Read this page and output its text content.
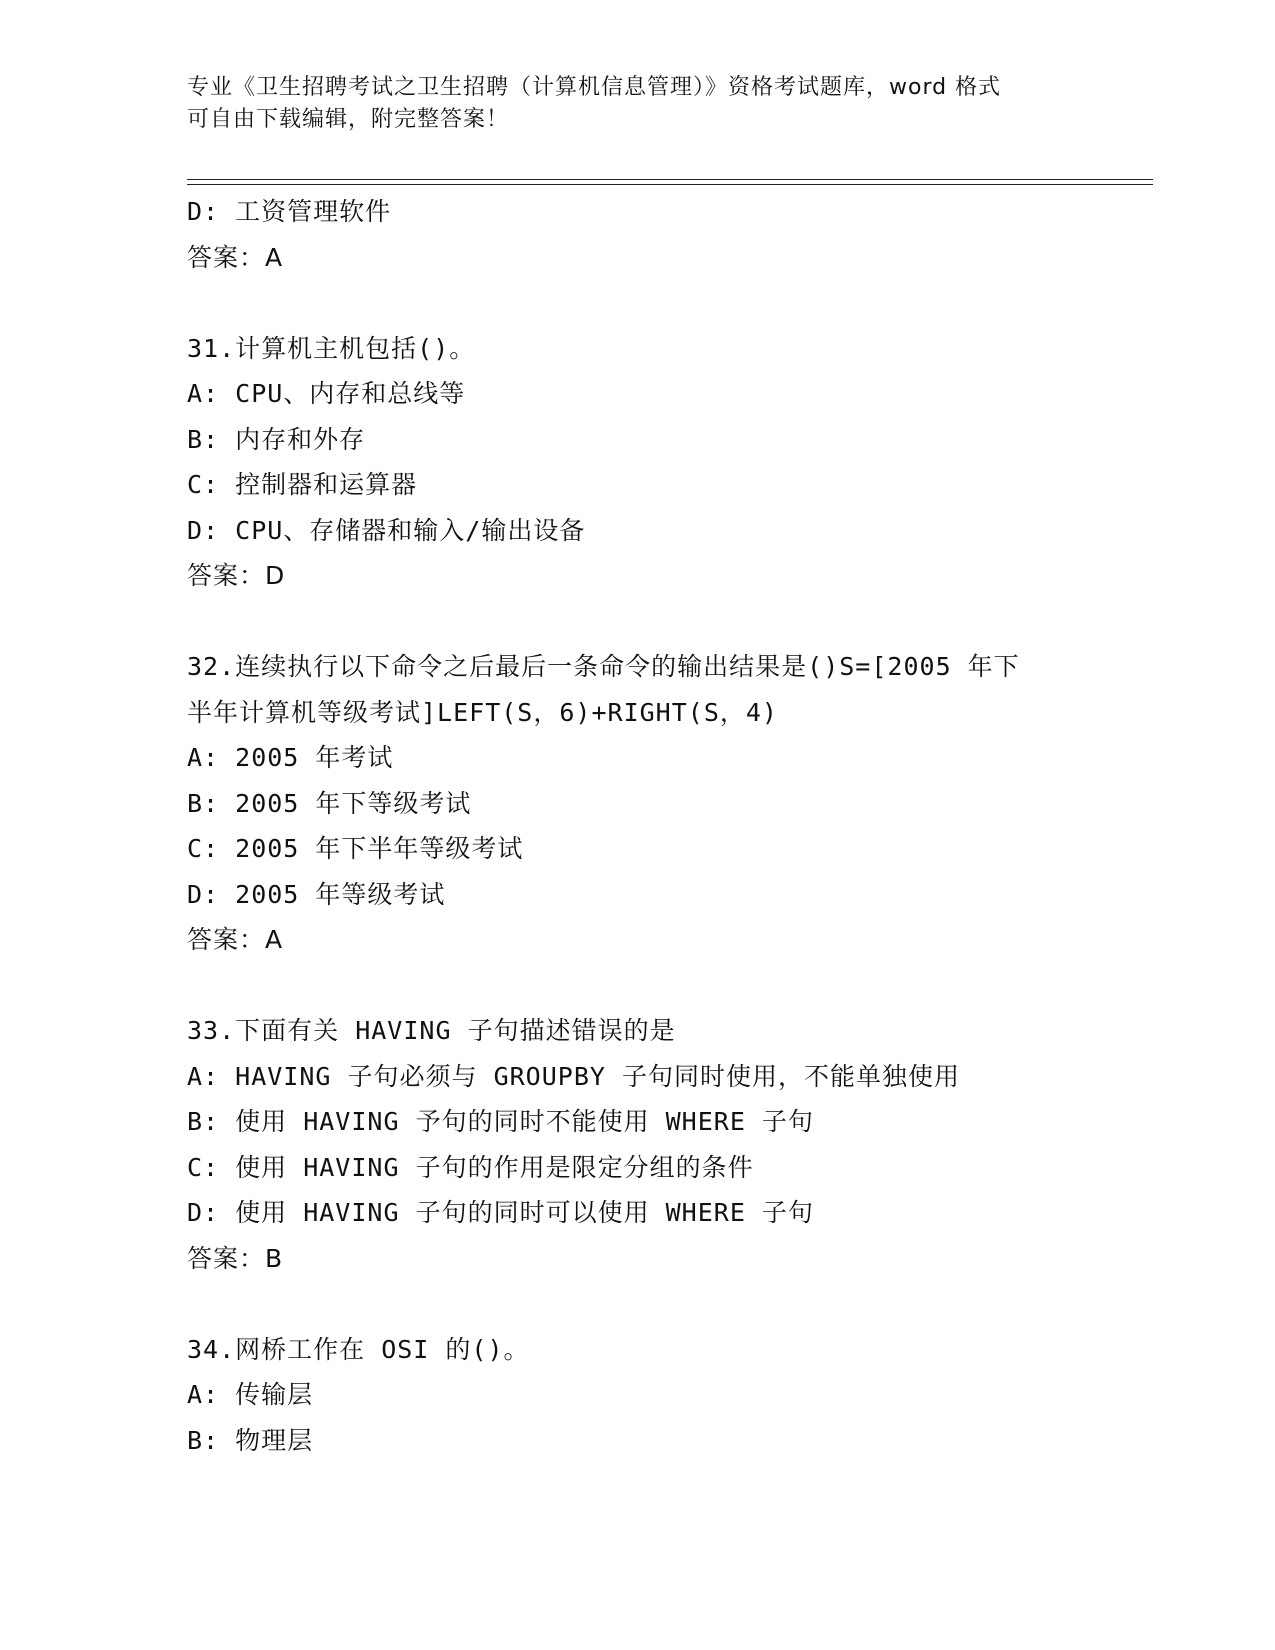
专业《卫生招聘考试之卫生招聘（计算机信息管理）》资格考试题库，word 格式
可自由下载编辑，附完整答案！
D: 工资管理软件
答案：A
31.计算机主机包括()。
A: CPU、内存和总线等
B: 内存和外存
C: 控制器和运算器
D: CPU、存储器和输入/输出设备
答案：D
32.连续执行以下命令之后最后一条命令的输出结果是()S=[2005 年下
半年计算机等级考试]LEFT(S，6)+RIGHT(S，4)
A: 2005 年考试
B: 2005 年下等级考试
C: 2005 年下半年等级考试
D: 2005 年等级考试
答案：A
33.下面有关 HAVING 子句描述错误的是
A: HAVING 子句必须与 GROUPBY 子句同时使用，不能单独使用
B: 使用 HAVING 予句的同时不能使用 WHERE 子句
C: 使用 HAVING 子句的作用是限定分组的条件
D: 使用 HAVING 子句的同时可以使用 WHERE 子句
答案：B
34.网桥工作在 OSI 的()。
A: 传输层
B: 物理层
